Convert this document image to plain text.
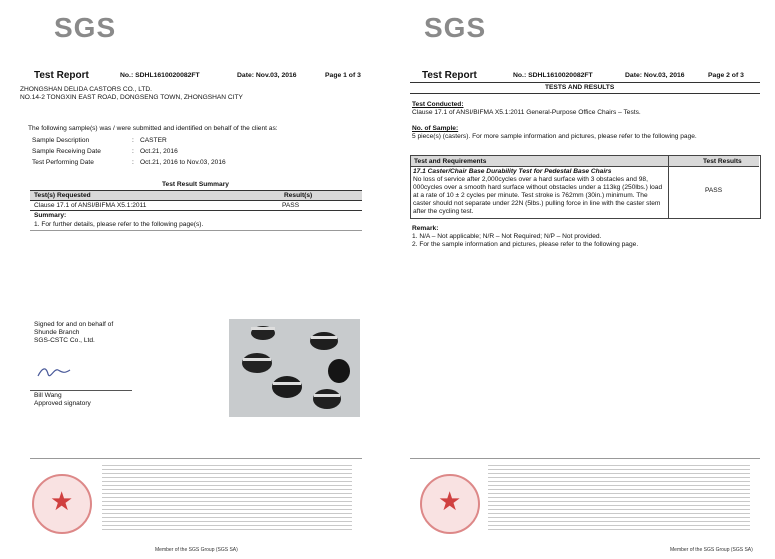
SGS
Test Report	No.: SDHL1610020082FT	Date: Nov.03, 2016	Page 1 of 3
ZHONGSHAN DELIDA CASTORS CO., LTD.
NO.14-2 TONGXIN EAST ROAD, DONGSENG TOWN, ZHONGSHAN CITY
The following sample(s) was / were submitted and identified on behalf of the client as:
Sample Description	: CASTER
Sample Receiving Date	: Oct.21, 2016
Test Performing Date	: Oct.21, 2016 to Nov.03, 2016
Test Result Summary
Test(s) Requested	Result(s)
Clause 17.1 of ANSI/BIFMA X5.1:2011	PASS
Summary:
1. For further details, please refer to the following page(s).
Signed for and on behalf of
Shunde Branch
SGS-CSTC Co., Ltd.
Bill Wang
Approved signatory
★
Member of the SGS Group (SGS SA)
SGS
Test Report	No.: SDHL1610020082FT	Date: Nov.03, 2016	Page 2 of 3
TESTS AND RESULTS
Test Conducted:
Clause 17.1 of ANSI/BIFMA X5.1:2011 General-Purpose Office Chairs – Tests.
No. of Sample:
5 piece(s) (casters). For more sample information and pictures, please refer to the following page.
Test and Requirements	Test Results
17.1 Caster/Chair Base Durability Test for Pedestal Base Chairs
No loss of service after 2,000cycles over a hard surface with 3 obstacles and 98,
000cycles over a smooth hard surface without obstacles under a 113kg (250lbs.) load
at a rate of 10 ± 2 cycles per minute. Test stroke is 762mm (30in.) minimum. The
caster should not separate under 22N (5lbs.) pulling force in line with the caster stem
after the cycling test.
PASS
Remark:
1. N/A – Not applicable; N/R – Not Required; N/P – Not provided.
2. For the sample information and pictures, please refer to the following page.
★
Member of the SGS Group (SGS SA)
